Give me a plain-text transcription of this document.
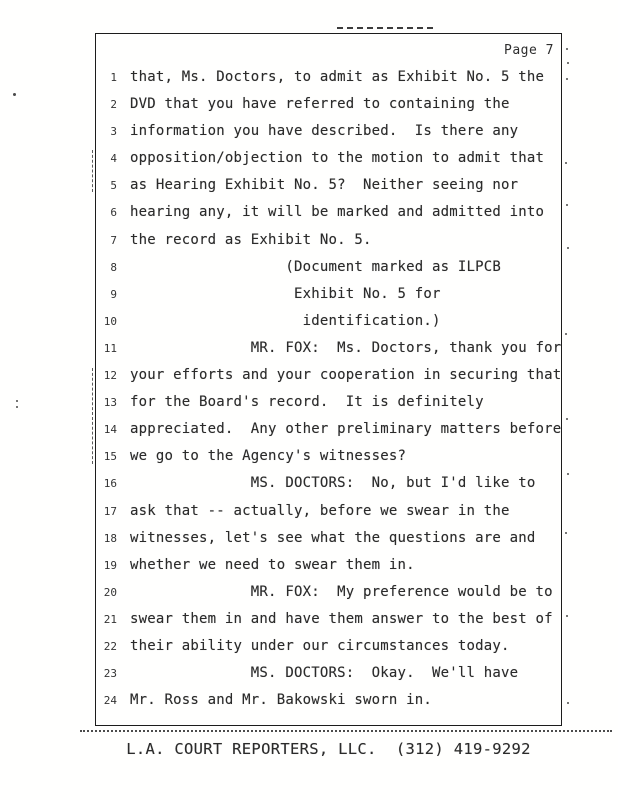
Page 7
1 that, Ms. Doctors, to admit as Exhibit No. 5 the
2 DVD that you have referred to containing the
3 information you have described.  Is there any
4 opposition/objection to the motion to admit that
5 as Hearing Exhibit No. 5?  Neither seeing nor
6 hearing any, it will be marked and admitted into
7 the record as Exhibit No. 5.
8 (Document marked as ILPCB
9 Exhibit No. 5 for
10 identification.)
11 MR. FOX:  Ms. Doctors, thank you for
12 your efforts and your cooperation in securing that
13 for the Board's record.  It is definitely
14 appreciated.  Any other preliminary matters before
15 we go to the Agency's witnesses?
16 MS. DOCTORS:  No, but I'd like to
17 ask that -- actually, before we swear in the
18 witnesses, let's see what the questions are and
19 whether we need to swear them in.
20 MR. FOX:  My preference would be to
21 swear them in and have them answer to the best of
22 their ability under our circumstances today.
23 MS. DOCTORS:  Okay.  We'll have
24 Mr. Ross and Mr. Bakowski sworn in.
L.A. COURT REPORTERS, LLC.  (312) 419-9292
